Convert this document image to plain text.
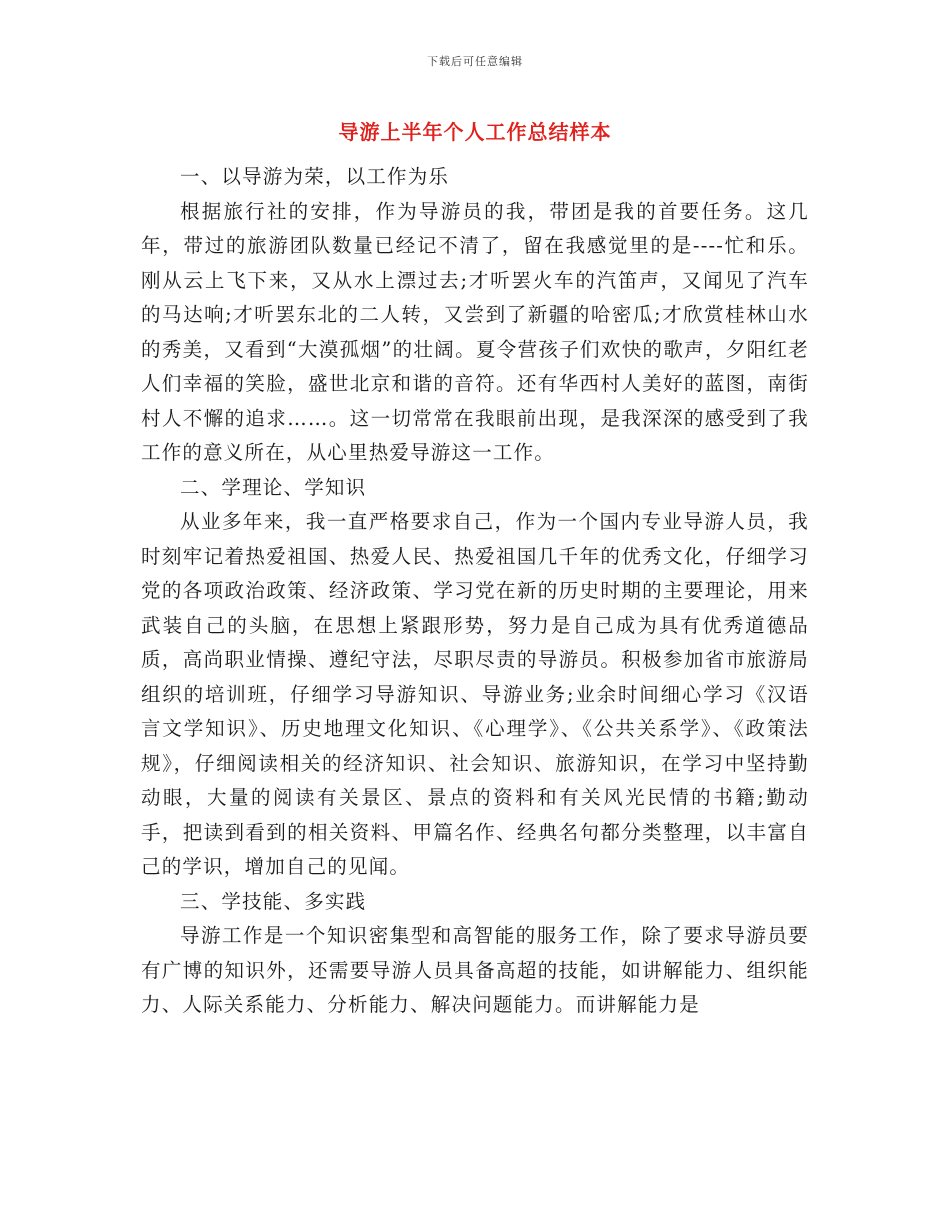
下载后可任意编辑
导游上半年个人工作总结样本

一、以导游为荣，以工作为乐

根据旅行社的安排，作为导游员的我，带团是我的首要任务。这几年，带过的旅游团队数量已经记不清了，留在我感觉里的是----忙和乐。刚从云上飞下来，又从水上漂过去;才听罢火车的汽笛声，又闻见了汽车的马达响;才听罢东北的二人转，又尝到了新疆的哈密瓜;才欣赏桂林山水的秀美，又看到“大漠孤烟”的壮阔。夏令营孩子们欢快的歌声，夕阳红老人们幸福的笑脸，盛世北京和谐的音符。还有华西村人美好的蓝图，南街村人不懈的追求……。这一切常常在我眼前出现，是我深深的感受到了我工作的意义所在，从心里热爱导游这一工作。

二、学理论、学知识

从业多年来，我一直严格要求自己，作为一个国内专业导游人员，我时刻牢记着热爱祖国、热爱人民、热爱祖国几千年的优秀文化，仔细学习党的各项政治政策、经济政策、学习党在新的历史时期的主要理论，用来武装自己的头脑，在思想上紧跟形势，努力是自己成为具有优秀道德品质，高尚职业情操、遵纪守法，尽职尽责的导游员。积极参加省市旅游局组织的培训班，仔细学习导游知识、导游业务;业余时间细心学习《汉语言文学知识》、历史地理文化知识、《心理学》、《公共关系学》、《政策法规》，仔细阅读相关的经济知识、社会知识、旅游知识，在学习中坚持勤动眼，大量的阅读有关景区、景点的资料和有关风光民情的书籍;勤动手，把读到看到的相关资料、甲篇名作、经典名句都分类整理，以丰富自己的学识，增加自己的见闻。

三、学技能、多实践

导游工作是一个知识密集型和高智能的服务工作，除了要求导游员要有广博的知识外，还需要导游人员具备高超的技能，如讲解能力、组织能力、人际关系能力、分析能力、解决问题能力。而讲解能力是
